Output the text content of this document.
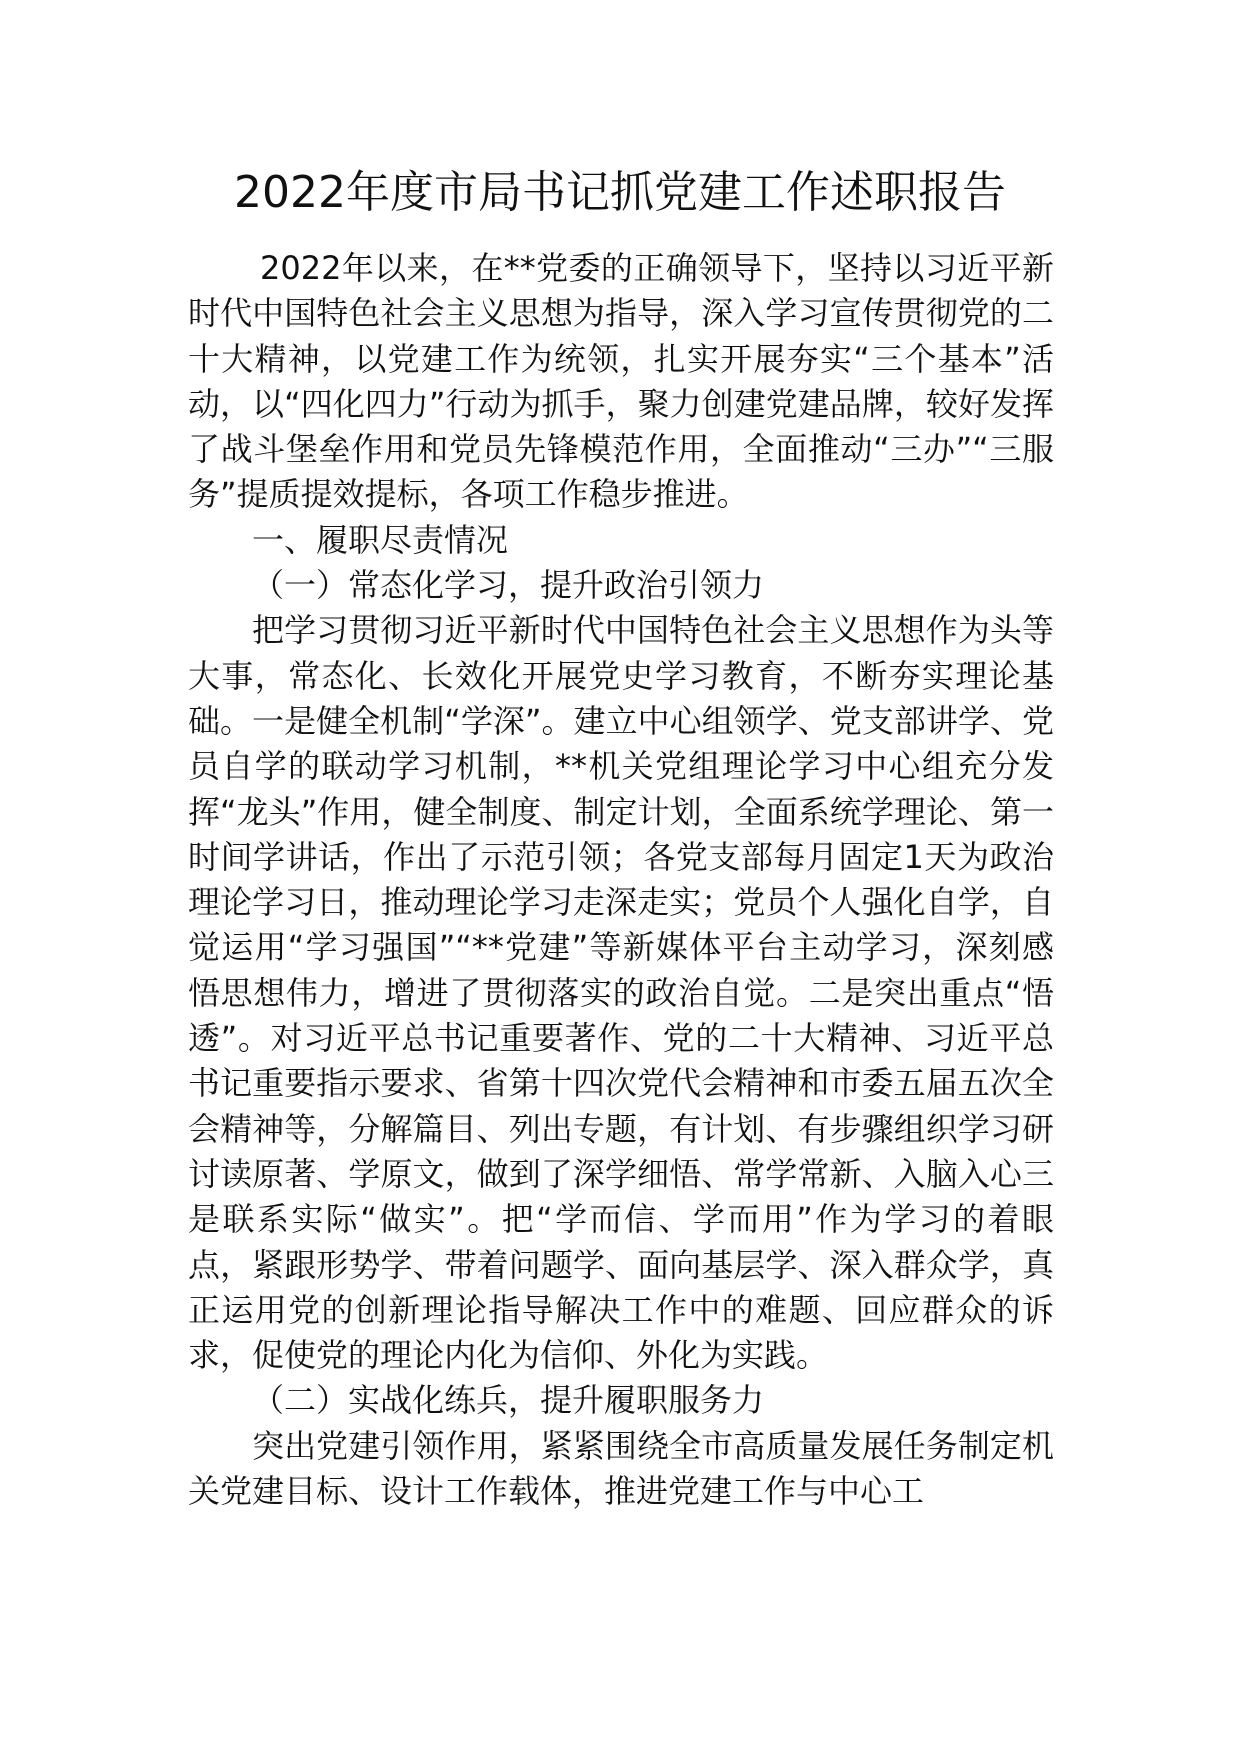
2022年度市局书记抓党建工作述职报告

2022年以来，在**党委的正确领导下，坚持以习近平新时代中国特色社会主义思想为指导，深入学习宣传贯彻党的二十大精神，以党建工作为统领，扎实开展夯实“三个基本”活动，以“四化四力”行动为抓手，聚力创建党建品牌，较好发挥了战斗堡垒作用和党员先锋模范作用，全面推动“三办”“三服务”提质提效提标，各项工作稳步推进。

一、履职尽责情况

（一）常态化学习，提升政治引领力

把学习贯彻习近平新时代中国特色社会主义思想作为头等大事，常态化、长效化开展党史学习教育，不断夯实理论基础。一是健全机制“学深”。建立中心组领学、党支部讲学、党员自学的联动学习机制，**机关党组理论学习中心组充分发挥“龙头”作用，健全制度、制定计划，全面系统学理论、第一时间学讲话，作出了示范引领；各党支部每月固定1天为政治理论学习日，推动理论学习走深走实；党员个人强化自学，自觉运用“学习强国”“**党建”等新媒体平台主动学习，深刻感悟思想伟力，增进了贯彻落实的政治自觉。二是突出重点“悟透”。对习近平总书记重要著作、党的二十大精神、习近平总书记重要指示要求、省第十四次党代会精神和市委五届五次全会精神等，分解篇目、列出专题，有计划、有步骤组织学习研讨读原著、学原文，做到了深学细悟、常学常新、入脑入心三是联系实际“做实”。把“学而信、学而用”作为学习的着眼点，紧跟形势学、带着问题学、面向基层学、深入群众学，真正运用党的创新理论指导解决工作中的难题、回应群众的诉求，促使党的理论内化为信仰、外化为实践。

（二）实战化练兵，提升履职服务力

突出党建引领作用，紧紧围绕全市高质量发展任务制定机关党建目标、设计工作载体，推进党建工作与中心工
